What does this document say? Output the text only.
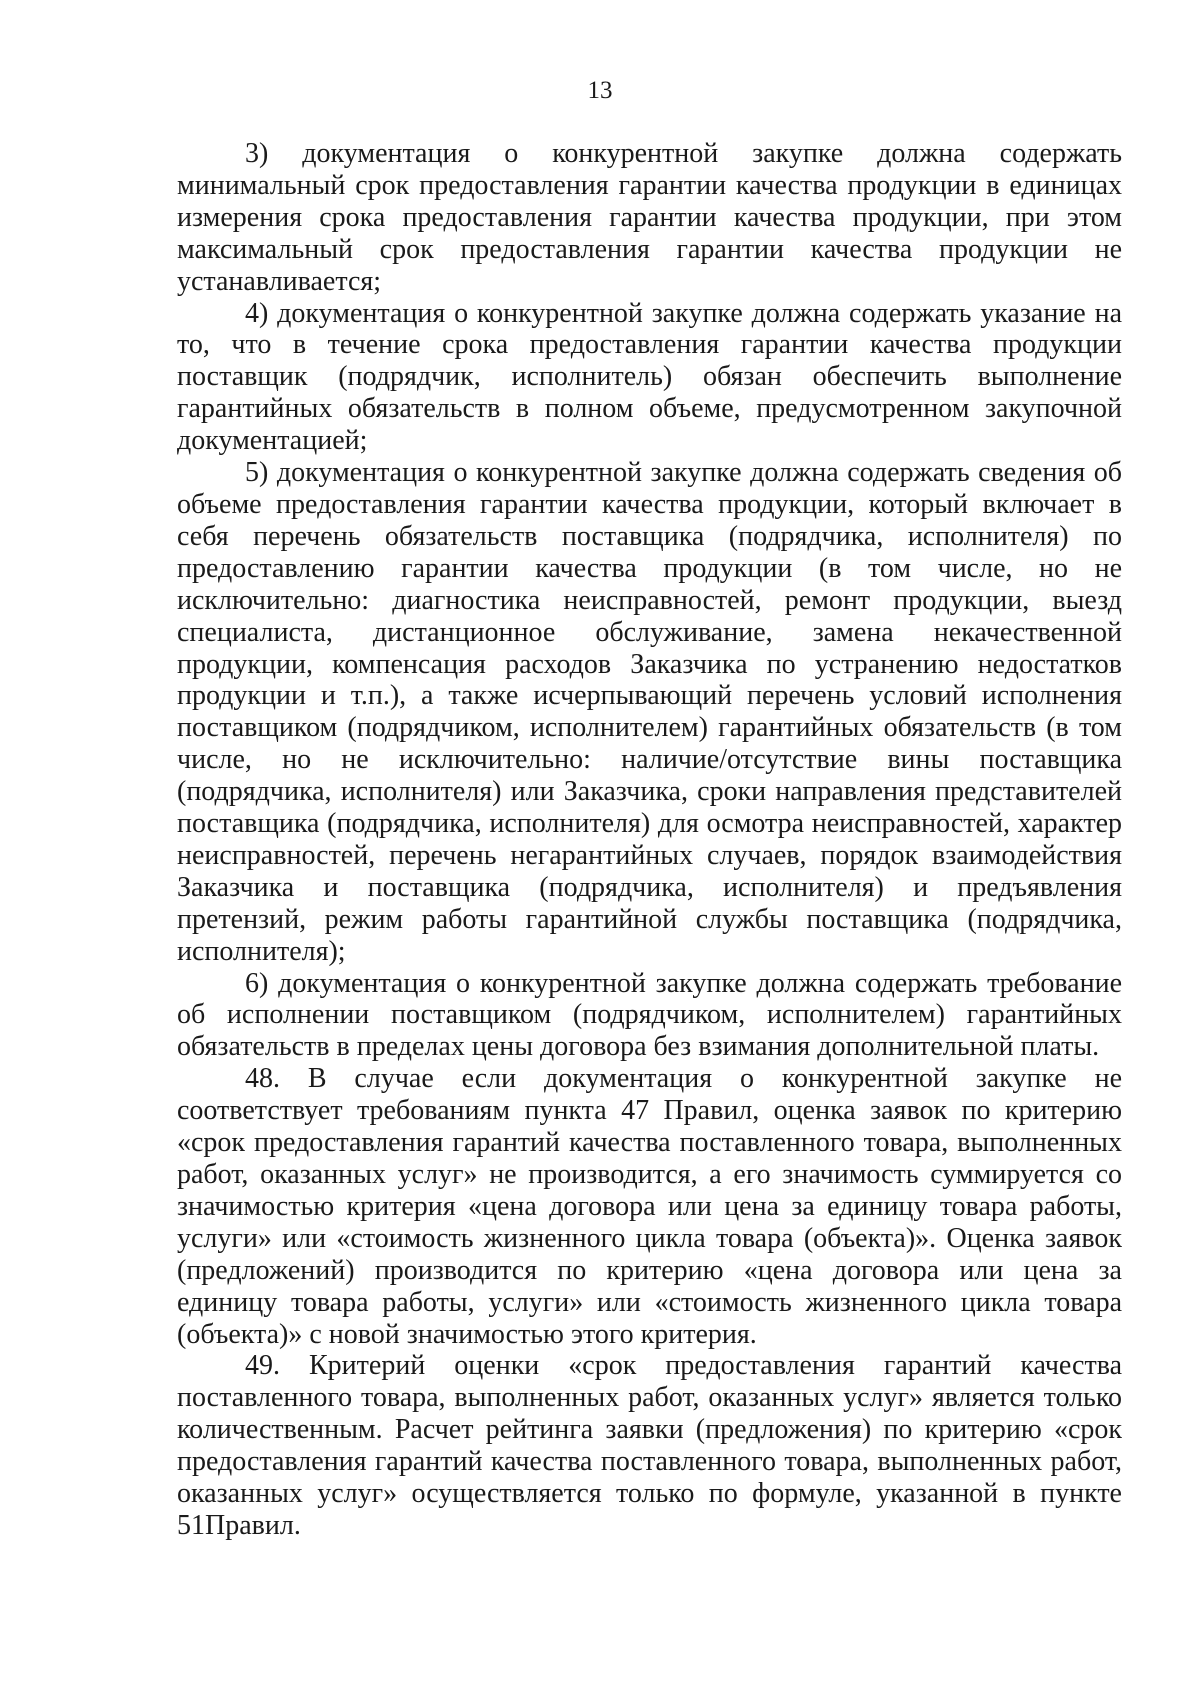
13

3) документация о конкурентной закупке должна содержать минимальный срок предоставления гарантии качества продукции в единицах измерения срока предоставления гарантии качества продукции, при этом максимальный срок предоставления гарантии качества продукции не устанавливается;

4) документация о конкурентной закупке должна содержать указание на то, что в течение срока предоставления гарантии качества продукции поставщик (подрядчик, исполнитель) обязан обеспечить выполнение гарантийных обязательств в полном объеме, предусмотренном закупочной документацией;

5) документация о конкурентной закупке должна содержать сведения об объеме предоставления гарантии качества продукции, который включает в себя перечень обязательств поставщика (подрядчика, исполнителя) по предоставлению гарантии качества продукции (в том числе, но не исключительно: диагностика неисправностей, ремонт продукции, выезд специалиста, дистанционное обслуживание, замена некачественной продукции, компенсация расходов Заказчика по устранению недостатков продукции и т.п.), а также исчерпывающий перечень условий исполнения поставщиком (подрядчиком, исполнителем) гарантийных обязательств (в том числе, но не исключительно: наличие/отсутствие вины поставщика (подрядчика, исполнителя) или Заказчика, сроки направления представителей поставщика (подрядчика, исполнителя) для осмотра неисправностей, характер неисправностей, перечень негарантийных случаев, порядок взаимодействия Заказчика и поставщика (подрядчика, исполнителя) и предъявления претензий, режим работы гарантийной службы поставщика (подрядчика, исполнителя);

6) документация о конкурентной закупке должна содержать требование об исполнении поставщиком (подрядчиком, исполнителем) гарантийных обязательств в пределах цены договора без взимания дополнительной платы.

48. В случае если документация о конкурентной закупке не соответствует требованиям пункта 47 Правил, оценка заявок по критерию «срок предоставления гарантий качества поставленного товара, выполненных работ, оказанных услуг» не производится, а его значимость суммируется со значимостью критерия «цена договора или цена за единицу товара работы, услуги» или «стоимость жизненного цикла товара (объекта)». Оценка заявок (предложений) производится по критерию «цена договора или цена за единицу товара работы, услуги» или «стоимость жизненного цикла товара (объекта)» с новой значимостью этого критерия.

49. Критерий оценки «срок предоставления гарантий качества поставленного товара, выполненных работ, оказанных услуг» является только количественным. Расчет рейтинга заявки (предложения) по критерию «срок предоставления гарантий качества поставленного товара, выполненных работ, оказанных услуг» осуществляется только по формуле, указанной в пункте 51Правил.
